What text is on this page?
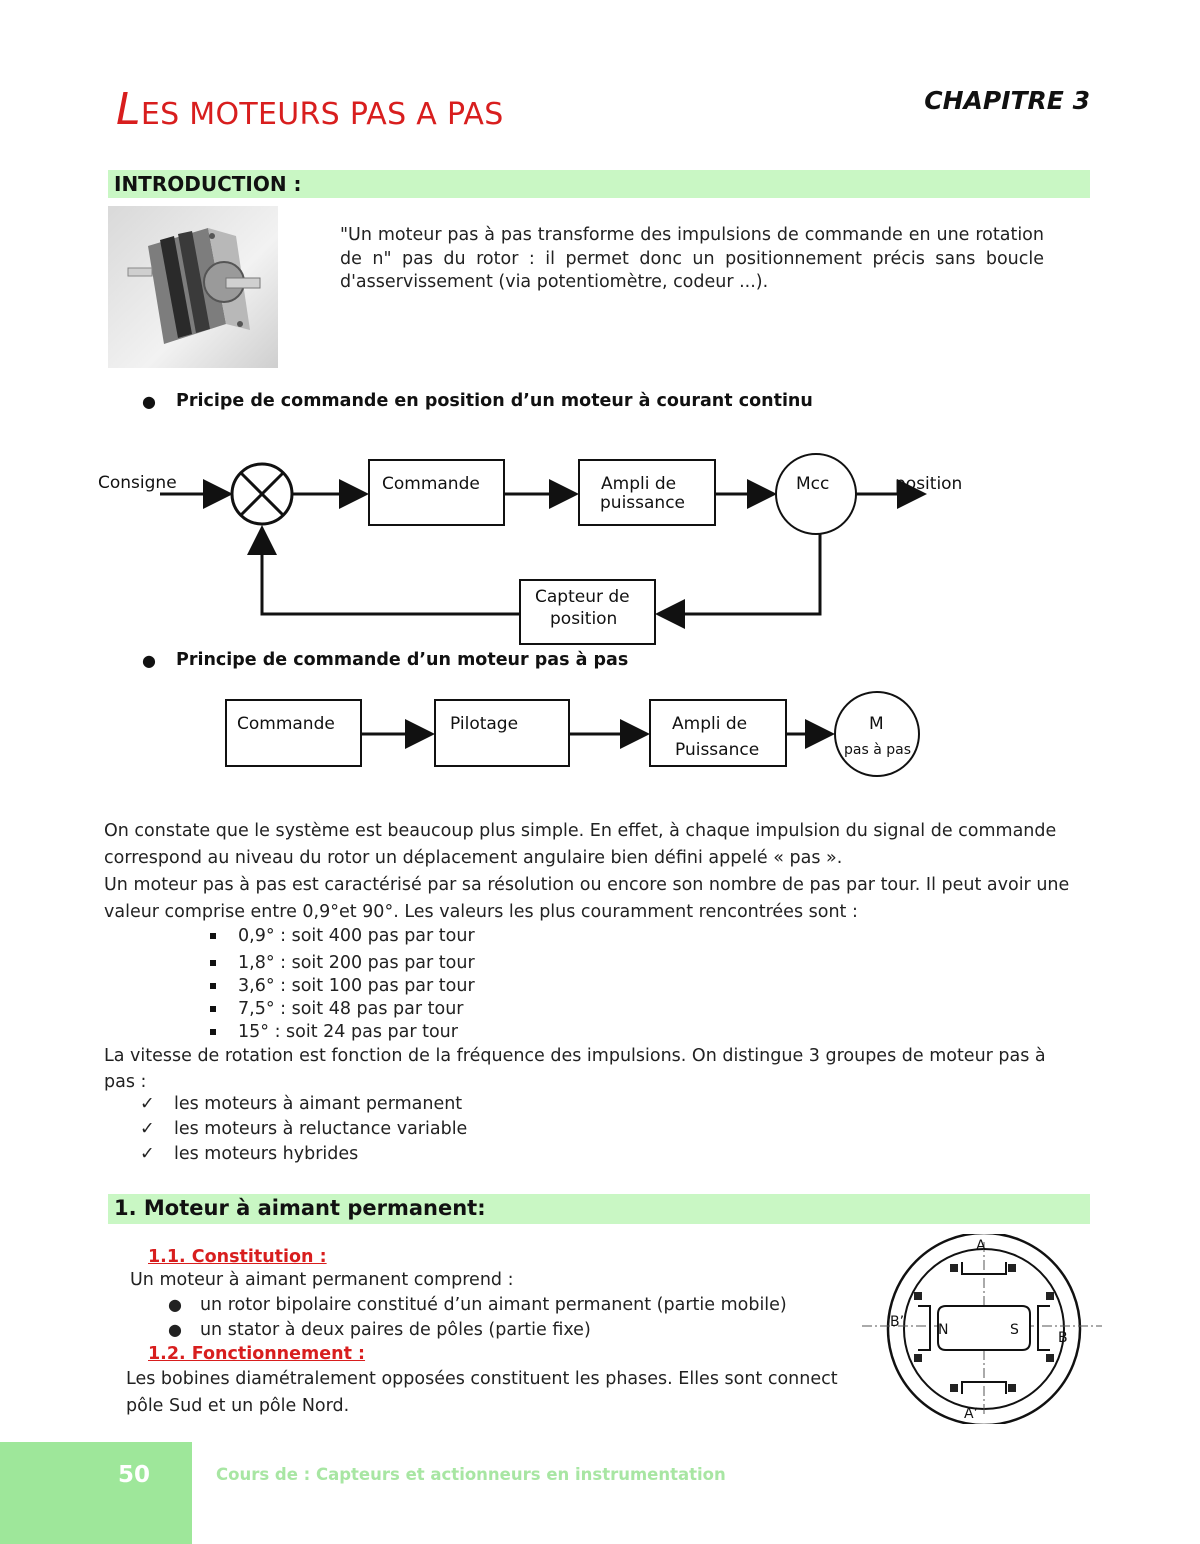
LES MOTEURS PAS A PAS	CHAPITRE 3
INTRODUCTION :
"Un moteur pas à pas transforme des impulsions de commande en une rotation de n" pas du rotor : il permet donc un positionnement précis sans boucle d'asservissement (via potentiomètre, codeur ...).
● Pricipe de commande en position d’un moteur à courant continu
Consigne	Commande	Ampli de
puissance
Mcc	position
Capteur de
position
● Principe de commande d’un moteur pas à pas
Commande	Pilotage	Ampli de
Puissance
M
pas à pas
On constate que le système est beaucoup plus simple. En effet, à chaque impulsion du signal de commande
correspond au niveau du rotor un déplacement angulaire bien défini appelé « pas ».
Un moteur pas à pas est caractérisé par sa résolution ou encore son nombre de pas par tour. Il peut avoir une
valeur comprise entre 0,9°et 90°. Les valeurs les plus couramment rencontrées sont :
0,9° : soit 400 pas par tour
1,8° : soit 200 pas par tour
3,6° : soit 100 pas par tour
7,5° : soit 48 pas par tour
15° : soit 24 pas par tour
La vitesse de rotation est fonction de la fréquence des impulsions. On distingue 3 groupes de moteur pas à
pas :
✓ les moteurs à aimant permanent
✓ les moteurs à reluctance variable
✓ les moteurs hybrides
1. Moteur à aimant permanent:
1.1. Constitution :
Un moteur à aimant permanent comprend :
● un rotor bipolaire constitué d’un aimant permanent (partie mobile)
● un stator à deux paires de pôles (partie fixe)
1.2. Fonctionnement :
Les bobines diamétralement opposées constituent les phases. Elles sont connect
pôle Sud et un pôle Nord.
A
A’
B
B’ N	S
50	Cours de : Capteurs et actionneurs en instrumentation
